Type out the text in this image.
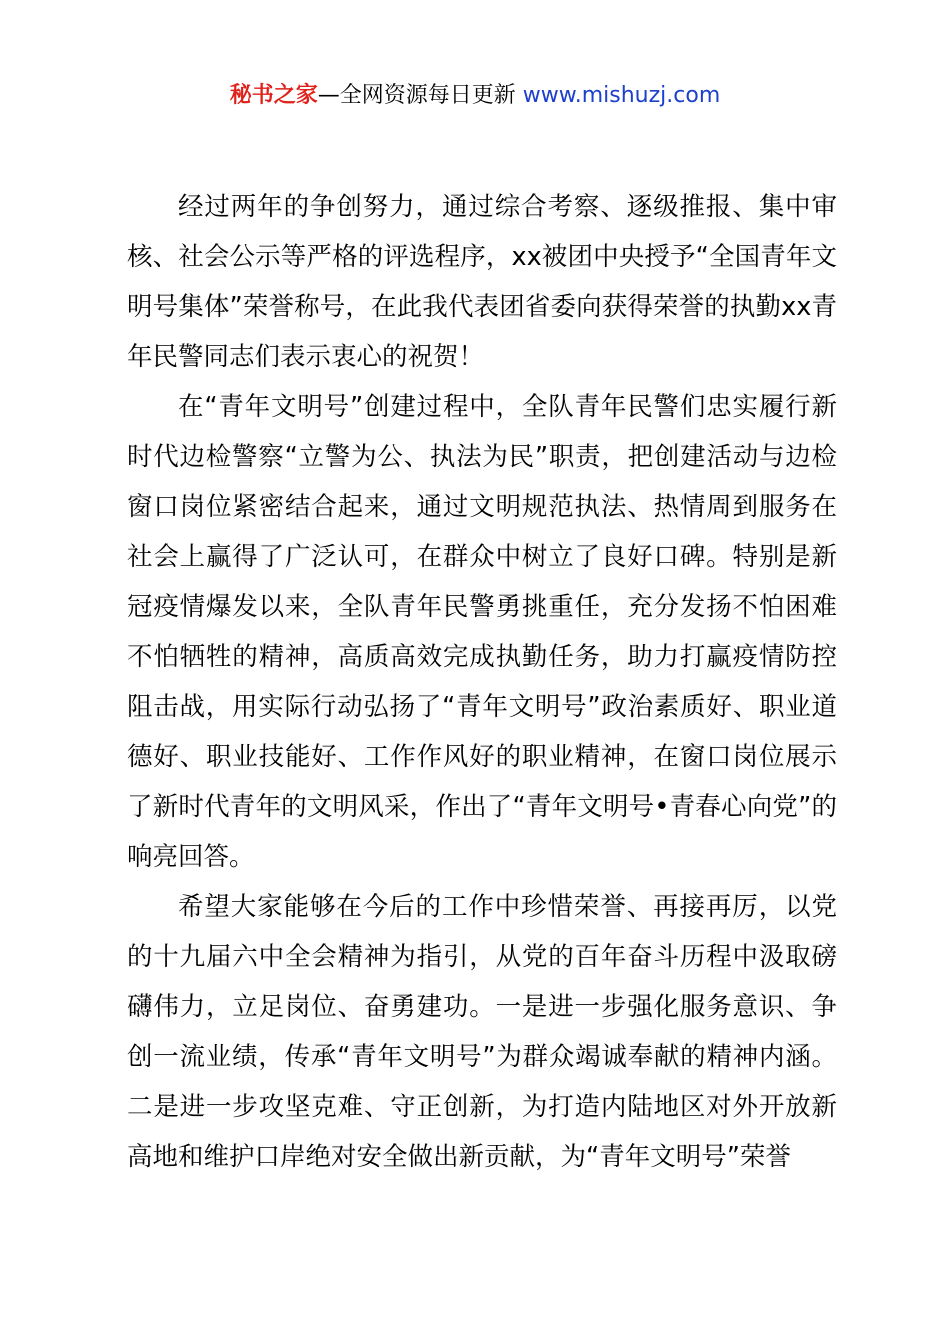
秘书之家—全网资源每日更新 www.mishuzj.com

经过两年的争创努力，通过综合考察、逐级推报、集中审核、社会公示等严格的评选程序，xx被团中央授予“全国青年文明号集体”荣誉称号，在此我代表团省委向获得荣誉的执勤xx青年民警同志们表示衷心的祝贺！

在“青年文明号”创建过程中，全队青年民警们忠实履行新时代边检警察“立警为公、执法为民”职责，把创建活动与边检窗口岗位紧密结合起来，通过文明规范执法、热情周到服务在社会上赢得了广泛认可，在群众中树立了良好口碑。特别是新冠疫情爆发以来，全队青年民警勇挑重任，充分发扬不怕困难不怕牺牲的精神，高质高效完成执勤任务，助力打赢疫情防控阻击战，用实际行动弘扬了“青年文明号”政治素质好、职业道德好、职业技能好、工作作风好的职业精神，在窗口岗位展示了新时代青年的文明风采，作出了“青年文明号•青春心向党”的响亮回答。

希望大家能够在今后的工作中珍惜荣誉、再接再厉，以党的十九届六中全会精神为指引，从党的百年奋斗历程中汲取磅礴伟力，立足岗位、奋勇建功。一是进一步强化服务意识、争创一流业绩，传承“青年文明号”为群众竭诚奉献的精神内涵。二是进一步攻坚克难、守正创新，为打造内陆地区对外开放新高地和维护口岸绝对安全做出新贡献，为“青年文明号”荣誉
